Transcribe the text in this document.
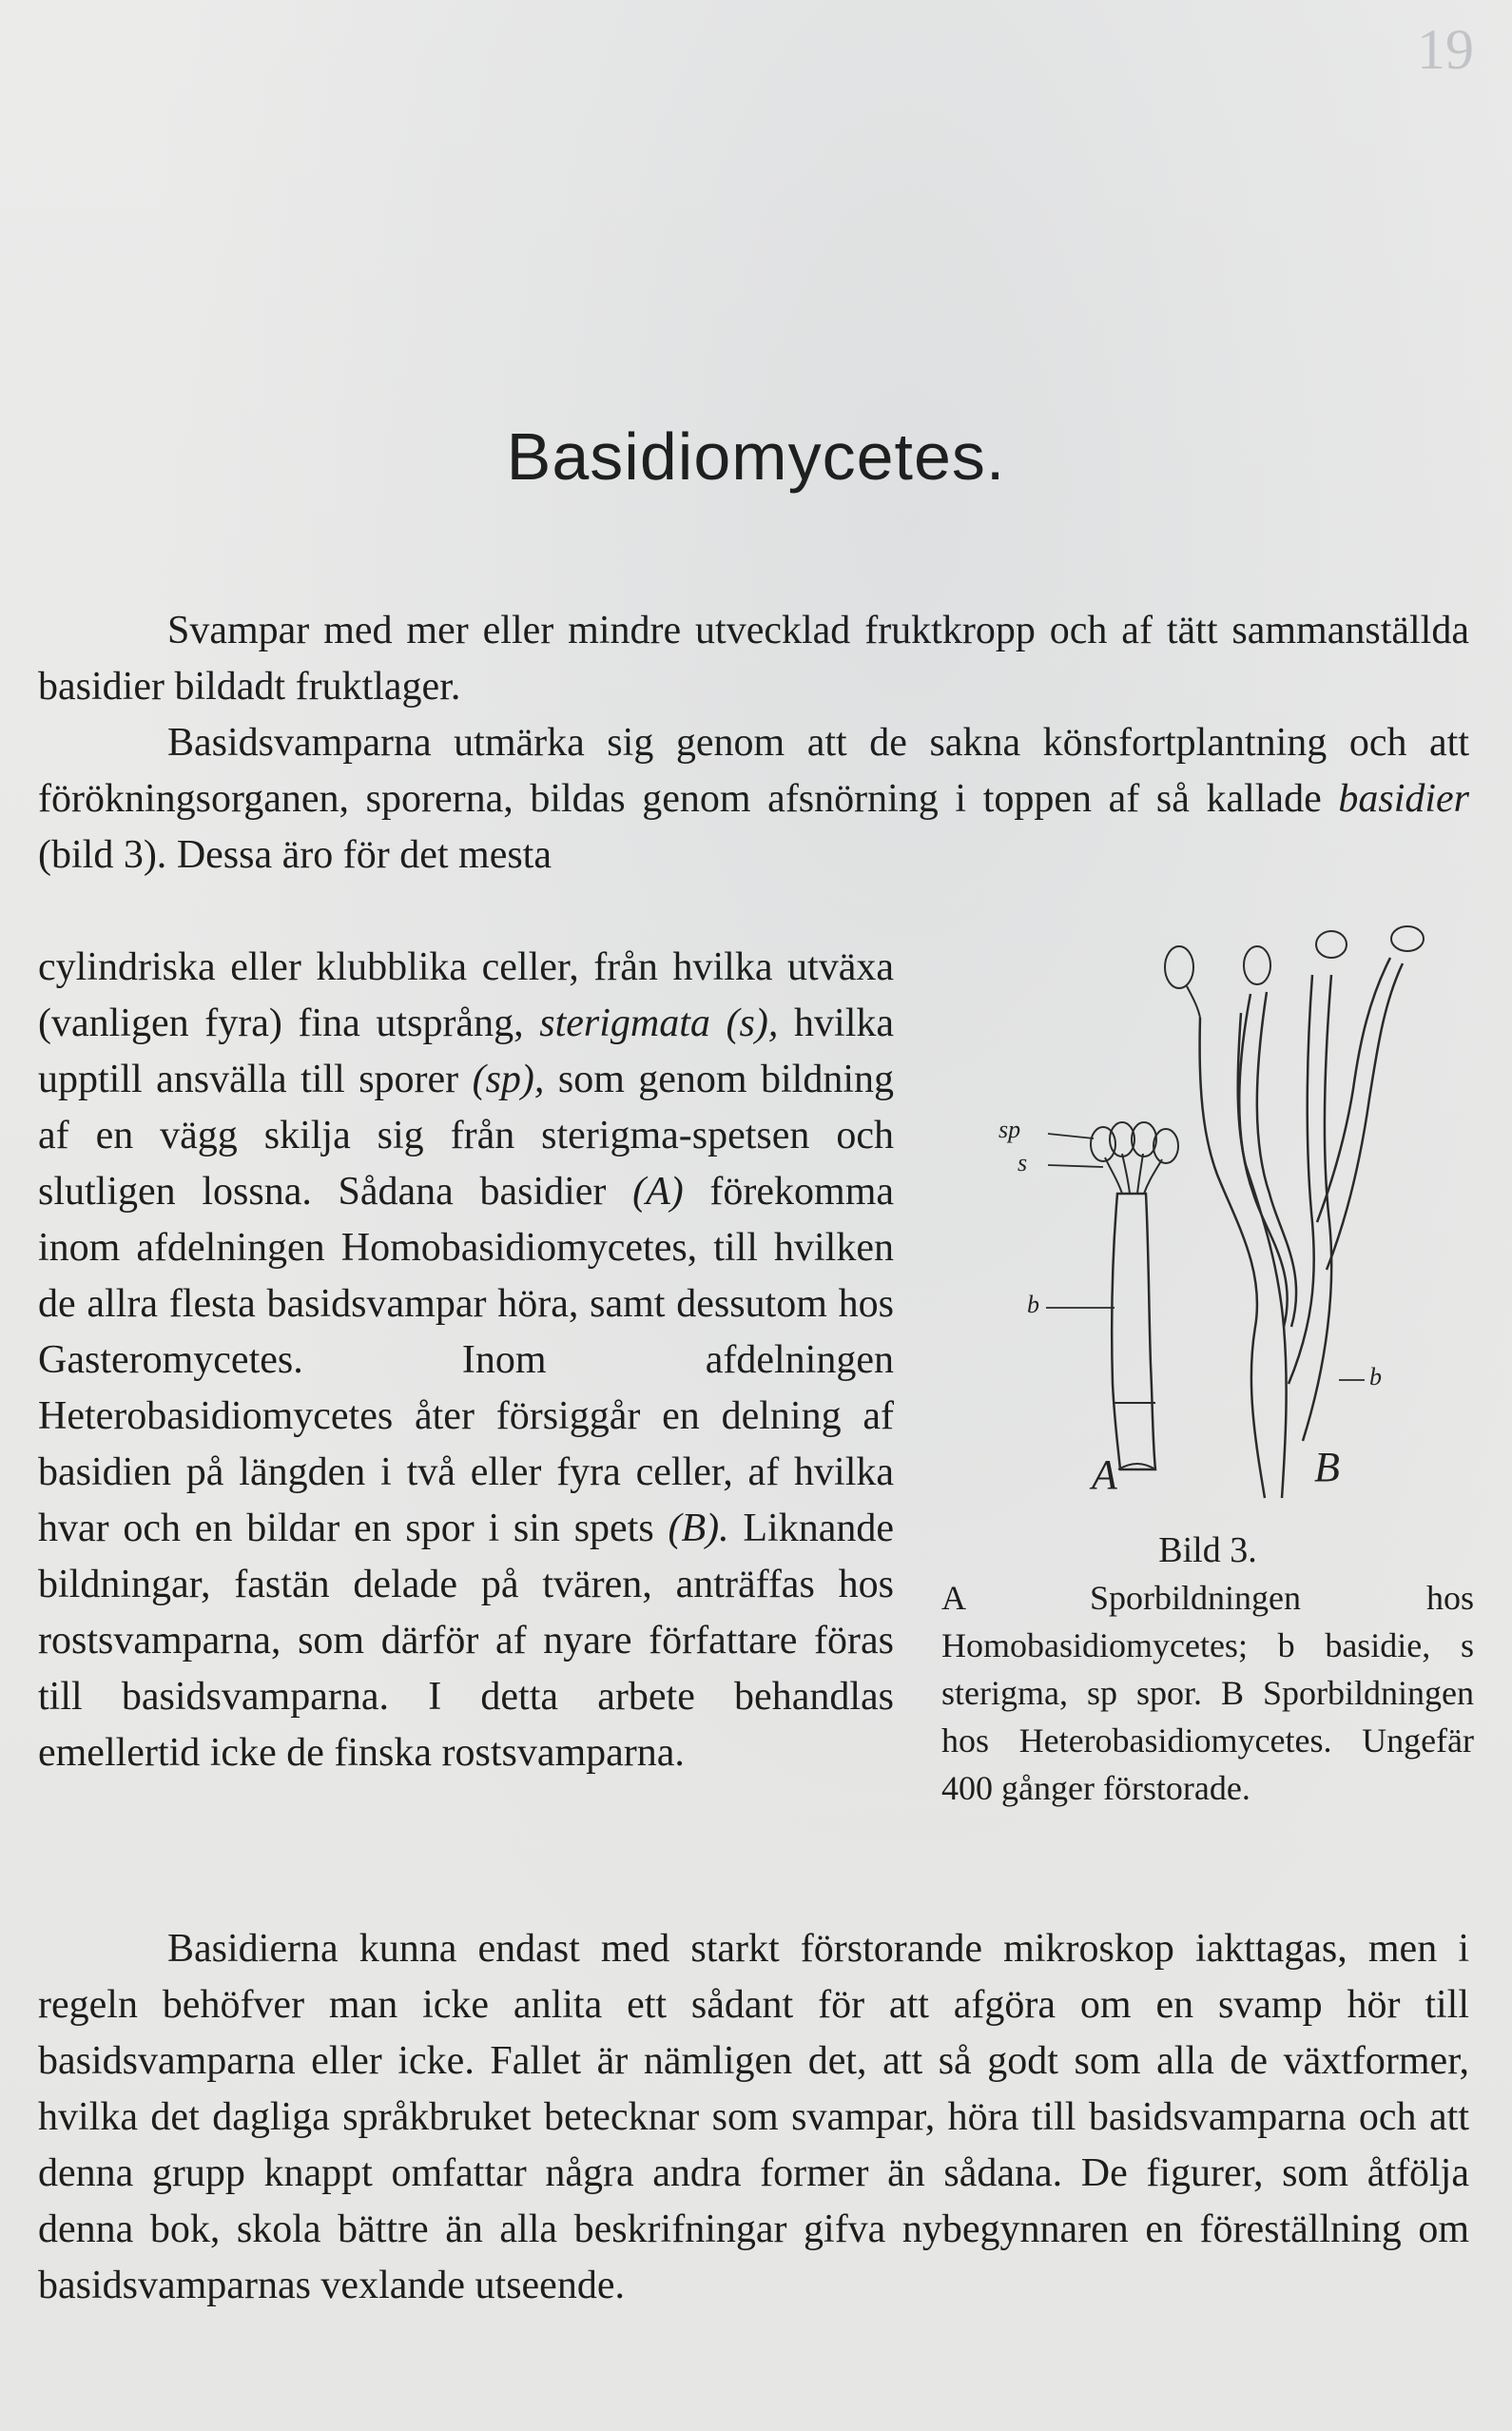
19
Basidiomycetes.

Svampar med mer eller mindre utvecklad fruktkropp och af tätt sammanställda basidier bildadt fruktlager.

Basidsvamparna utmärka sig genom att de sakna könsfortplantning och att förökningsorganen, sporerna, bildas genom afsnörning i toppen af så kallade basidier (bild 3). Dessa äro för det mesta

cylindriska eller klubblika celler, från hvilka utväxa (vanligen fyra) fina utsprång, sterigmata (s), hvilka upptill ansvälla till sporer (sp), som genom bildning af en vägg skilja sig från sterigma-spetsen och slutligen lossna. Sådana basidier (A) förekomma inom afdelningen Homobasidiomycetes, till hvilken de allra flesta basidsvampar höra, samt dessutom hos Gasteromycetes. Inom afdelningen Heterobasidiomycetes åter försiggår en delning af basidien på längden i två eller fyra celler, af hvilka hvar och en bildar en spor i sin spets (B). Liknande bildningar, fastän delade på tvären, anträffas hos rostsvamparna, som därför af nyare författare föras till basidsvamparna. I detta arbete behandlas emellertid icke de finska rostsvamparna.

Basidierna kunna endast med starkt förstorande mikroskop iakttagas, men i regeln behöfver man icke anlita ett sådant för att afgöra om en svamp hör till basidsvamparna eller icke. Fallet är nämligen det, att så godt som alla de växtformer, hvilka det dagliga språkbruket betecknar som svampar, höra till basidsvamparna och att denna grupp knappt omfattar några andra former än sådana. De figurer, som åtfölja denna bok, skola bättre än alla beskrifningar gifva nybegynnaren en föreställning om basidsvamparnas vexlande utseende.

sp
s
b
b
A	B
Bild 3.
A Sporbildningen hos Homobasidiomycetes; b basidie, s sterigma, sp spor. B Sporbildningen hos Heterobasidiomycetes. Ungefär 400 gånger förstorade.
